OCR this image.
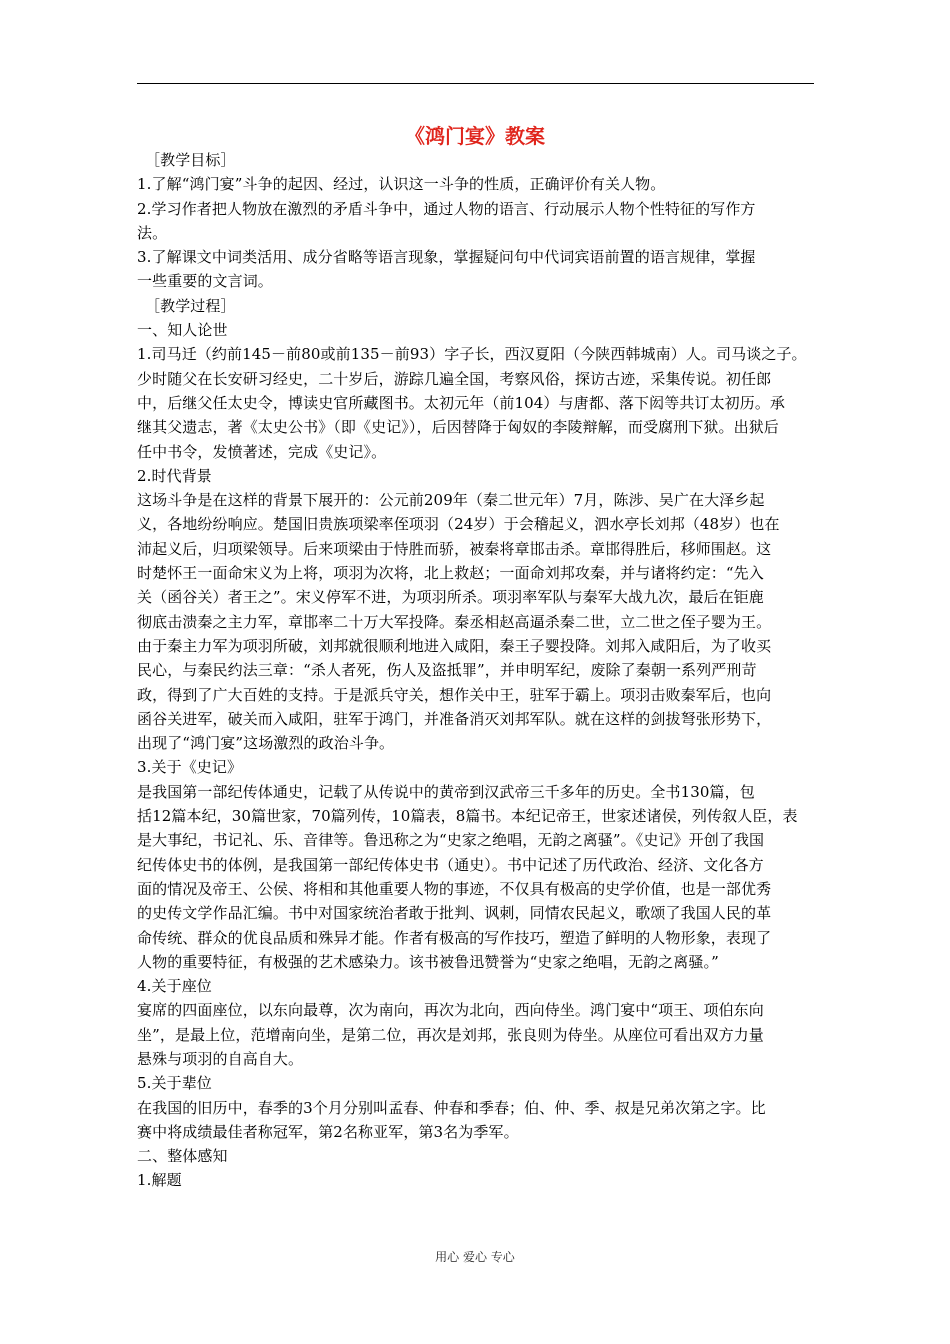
《鸿门宴》教案

［教学目标］

1.了解“鸿门宴”斗争的起因、经过，认识这一斗争的性质，正确评价有关人物。

2.学习作者把人物放在激烈的矛盾斗争中，通过人物的语言、行动展示人物个性特征的写作方

法。

3.了解课文中词类活用、成分省略等语言现象，掌握疑问句中代词宾语前置的语言规律，掌握

一些重要的文言词。

［教学过程］

一、知人论世

1.司马迁（约前145－前80或前135－前93）字子长，西汉夏阳（今陕西韩城南）人。司马谈之子。

少时随父在长安研习经史，二十岁后，游踪几遍全国，考察风俗，探访古迹，采集传说。初任郎

中，后继父任太史令，博读史官所藏图书。太初元年（前104）与唐都、落下闳等共订太初历。承

继其父遗志，著《太史公书》（即《史记》），后因替降于匈奴的李陵辩解，而受腐刑下狱。出狱后

任中书令，发愤著述，完成《史记》。

2.时代背景

这场斗争是在这样的背景下展开的：公元前209年（秦二世元年）7月，陈涉、吴广在大泽乡起

义，各地纷纷响应。楚国旧贵族项梁率侄项羽（24岁）于会稽起义，泗水亭长刘邦（48岁）也在

沛起义后，归项梁领导。后来项梁由于恃胜而骄，被秦将章邯击杀。章邯得胜后，移师围赵。这

时楚怀王一面命宋义为上将，项羽为次将，北上救赵；一面命刘邦攻秦，并与诸将约定：“先入

关（函谷关）者王之”。宋义停军不进，为项羽所杀。项羽率军队与秦军大战九次，最后在钜鹿

彻底击溃秦之主力军，章邯率二十万大军投降。秦丞相赵高逼杀秦二世，立二世之侄子婴为王。

由于秦主力军为项羽所破，刘邦就很顺利地进入咸阳，秦王子婴投降。刘邦入咸阳后，为了收买

民心，与秦民约法三章：“杀人者死，伤人及盗抵罪”，并申明军纪，废除了秦朝一系列严刑苛

政，得到了广大百姓的支持。于是派兵守关，想作关中王，驻军于霸上。项羽击败秦军后，也向

函谷关进军，破关而入咸阳，驻军于鸿门，并准备消灭刘邦军队。就在这样的剑拔弩张形势下，

出现了“鸿门宴”这场激烈的政治斗争。

3.关于《史记》

是我国第一部纪传体通史，记载了从传说中的黄帝到汉武帝三千多年的历史。全书130篇，包

括12篇本纪，30篇世家，70篇列传，10篇表，8篇书。本纪记帝王，世家述诸侯，列传叙人臣，表

是大事纪，书记礼、乐、音律等。鲁迅称之为“史家之绝唱，无韵之离骚”。《史记》开创了我国

纪传体史书的体例，是我国第一部纪传体史书（通史）。书中记述了历代政治、经济、文化各方

面的情况及帝王、公侯、将相和其他重要人物的事迹，不仅具有极高的史学价值，也是一部优秀

的史传文学作品汇编。书中对国家统治者敢于批判、讽刺，同情农民起义，歌颂了我国人民的革

命传统、群众的优良品质和殊异才能。作者有极高的写作技巧，塑造了鲜明的人物形象，表现了

人物的重要特征，有极强的艺术感染力。该书被鲁迅赞誉为“史家之绝唱，无韵之离骚。”

4.关于座位

宴席的四面座位，以东向最尊，次为南向，再次为北向，西向侍坐。鸿门宴中“项王、项伯东向

坐”，是最上位，范增南向坐，是第二位，再次是刘邦，张良则为侍坐。从座位可看出双方力量

悬殊与项羽的自高自大。

5.关于辈位

在我国的旧历中，春季的3个月分别叫孟春、仲春和季春；伯、仲、季、叔是兄弟次第之字。比

赛中将成绩最佳者称冠军，第2名称亚军，第3名为季军。

二、整体感知

1.解题

用心 爱心 专心
